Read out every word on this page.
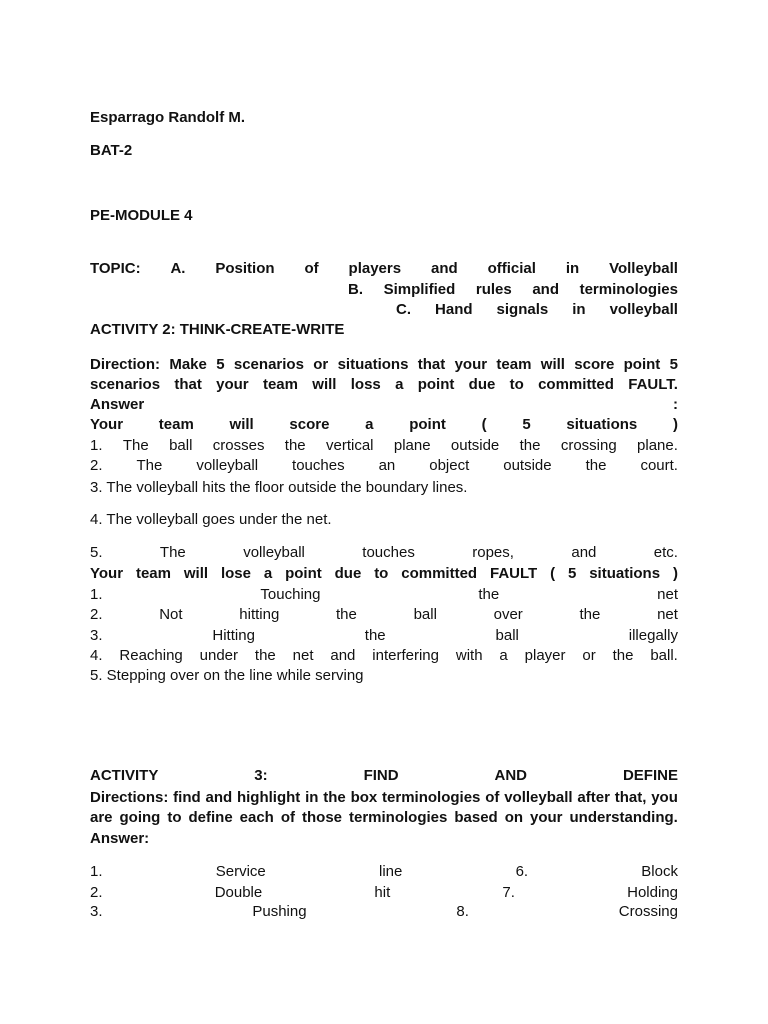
Esparrago Randolf M.
BAT-2
PE-MODULE 4
TOPIC: A. Position of players and official in Volleyball
B. Simplified rules and terminologies
C. Hand signals in volleyball
ACTIVITY 2: THINK-CREATE-WRITE
Direction: Make 5 scenarios or situations that your team will score point 5
scenarios that your team will loss a point due to committed FAULT.
Answer	:
Your team will score a point ( 5 situations )
1. The ball crosses the vertical plane outside the crossing plane.
2. The volleyball touches an object outside the court.
3. The volleyball hits the floor outside the boundary lines.
4. The volleyball goes under the net.
5.	The	volleyball	touches	ropes,	and	etc.
Your team will lose a point due to committed FAULT ( 5 situations )
1.	Touching	the	net
2.	Not	hitting	the	ball	over	the	net
3.	Hitting	the	ball	illegally
4. Reaching under the net and interfering with a player or the ball.
5. Stepping over on the line while serving
ACTIVITY	3:	FIND	AND	DEFINE
Directions: find and highlight in the box terminologies of volleyball after that, you
are going to define each of those terminologies based on your understanding.
Answer:
1.	Service	line	6.	Block
2.	Double	hit	7.	Holding
3.	Pushing	8.	Crossing
